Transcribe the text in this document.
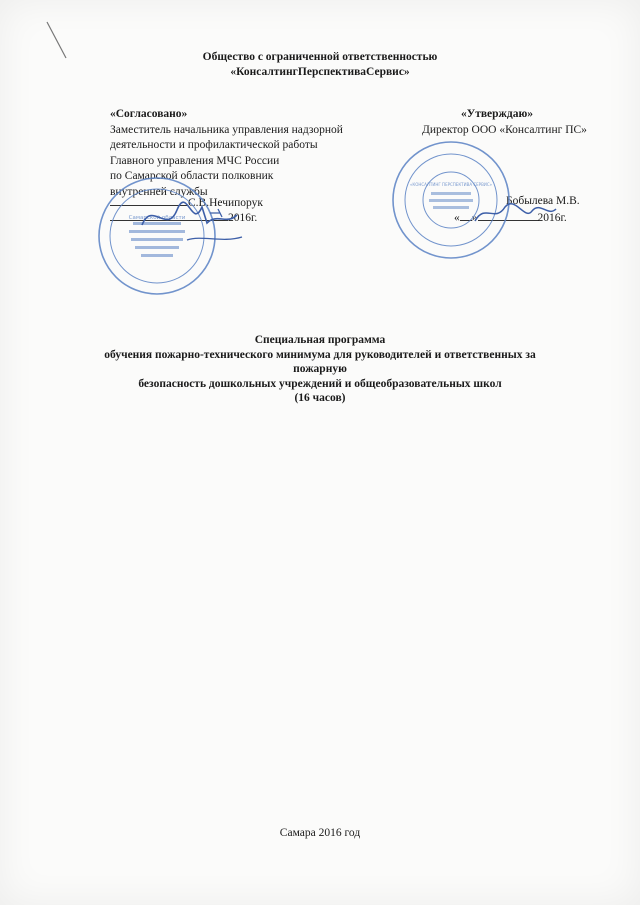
Общество с ограниченной ответственностью
«КонсалтингПерспективаСервис»
«Согласовано»
Заместитель начальника управления надзорной
деятельности и профилактической работы
Главного управления МЧС России
по Самарской области полковник
внутренней службы
С.В.Нечипорук
2016г.
«Утверждаю»
Директор ООО «Консалтинг ПС»
Бобылева М.В.
« »	2016г.
Самарской области
«КОНСАЛТИНГ ПЕРСПЕКТИВА СЕРВИС»
Специальная программа
обучения пожарно-технического минимума для руководителей и ответственных за
пожарную
безопасность дошкольных учреждений и общеобразовательных школ
(16 часов)
Самара 2016 год
